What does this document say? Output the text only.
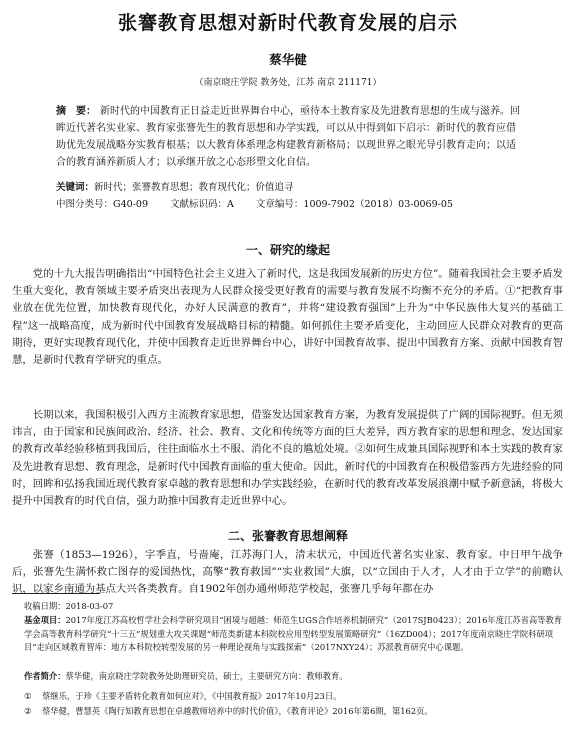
张謇教育思想对新时代教育发展的启示
蔡华健
（南京晓庄学院 教务处，江苏 南京 211171）

摘　要： 新时代的中国教育正日益走近世界舞台中心，亟待本土教育家及先进教育思想的生成与滋养。回眸近代著名实业家、教育家张謇先生的教育思想和办学实践，可以从中得到如下启示：新时代的教育应借助优先发展战略夯实教育根基；以大教育体系理念构建教育新格局；以现世界之眼光导引教育走向；以适合的教育涵养新质人才；以承继开放之心态形塑文化自信。

关键词：新时代；张謇教育思想；教育现代化；价值追寻
中图分类号：G40-09 文献标识码：A 文章编号：1009-7902（2018）03-0069-05
一、研究的缘起

党的十九大报告明确指出“中国特色社会主义进入了新时代，这是我国发展新的历史方位”。随着我国社会主要矛盾发生重大变化，教育领域主要矛盾突出表现为人民群众接受更好教育的需要与教育发展不均衡不充分的矛盾。①“把教育事业放在优先位置，加快教育现代化，办好人民满意的教育”，并将“建设教育强国”上升为“中华民族伟大复兴的基础工程”这一战略高度，成为新时代中国教育发展战略目标的精髓。如何抓住主要矛盾变化，主动回应人民群众对教育的更高期待，更好实现教育现代化，并使中国教育走近世界舞台中心，讲好中国教育故事、提出中国教育方案、贡献中国教育智慧，是新时代教育学研究的重点。

长期以来，我国积极引入西方主流教育家思想，借鉴发达国家教育方案，为教育发展提供了广阔的国际视野。但无须讳言，由于国家和民族间政治、经济、社会、教育、文化和传统等方面的巨大差异，西方教育家的思想和理念、发达国家的教育改革经验移植到我国后，往往面临水土不服、消化不良的尴尬处境。②如何生成兼具国际视野和本土实践的教育家及先进教育思想、教育理念，是新时代中国教育面临的重大使命。因此，新时代的中国教育在积极借鉴西方先进经验的同时，回眸和弘扬我国近现代教育家卓越的教育思想和办学实践经验，在新时代的教育改革发展浪潮中赋予新意涵，将极大提升中国教育的时代自信，强力助推中国教育走近世界中心。

二、张謇教育思想阐释

张謇（1853—1926），字季直，号啬庵，江苏海门人，清末状元，中国近代著名实业家、教育家。中日甲午战争后，张謇先生满怀救亡图存的爱国热忱，高擎“教育救国”“实业救国”大旗，以“立国由于人才，人才由于立学”的前瞻认识，以家乡南通为基点大兴各类教育。自1902年创办通州师范学校起，张謇几乎每年都在办

收稿日期：2018-03-07

基金项目：2017年度江苏高校哲学社会科学研究项目“困境与超越：师范生UGS合作培养机制研究”（2017SJB0423）；2016年度江苏省高等教育学会高等教育科学研究“十三五”规划重大攻关课题“师范类新建本科院校应用型转型发展策略研究”（16ZD004）；2017年度南京晓庄学院科研项目“走向区域教育智库：地方本科院校转型发展的另一种理论视角与实践探索”（2017NXY24）；苏派教育研究中心课题。

作者简介：蔡华健，南京晓庄学院教务处助理研究员，硕士，主要研究方向：教师教育。

① 蔡继乐，于珍《主要矛盾转化教育如何应对》，《中国教育报》2017年10月23日。
② 蔡华健，曹慧英《陶行知教育思想在卓越教师培养中的时代价值》，《教育评论》2016年第6期，第162页。
